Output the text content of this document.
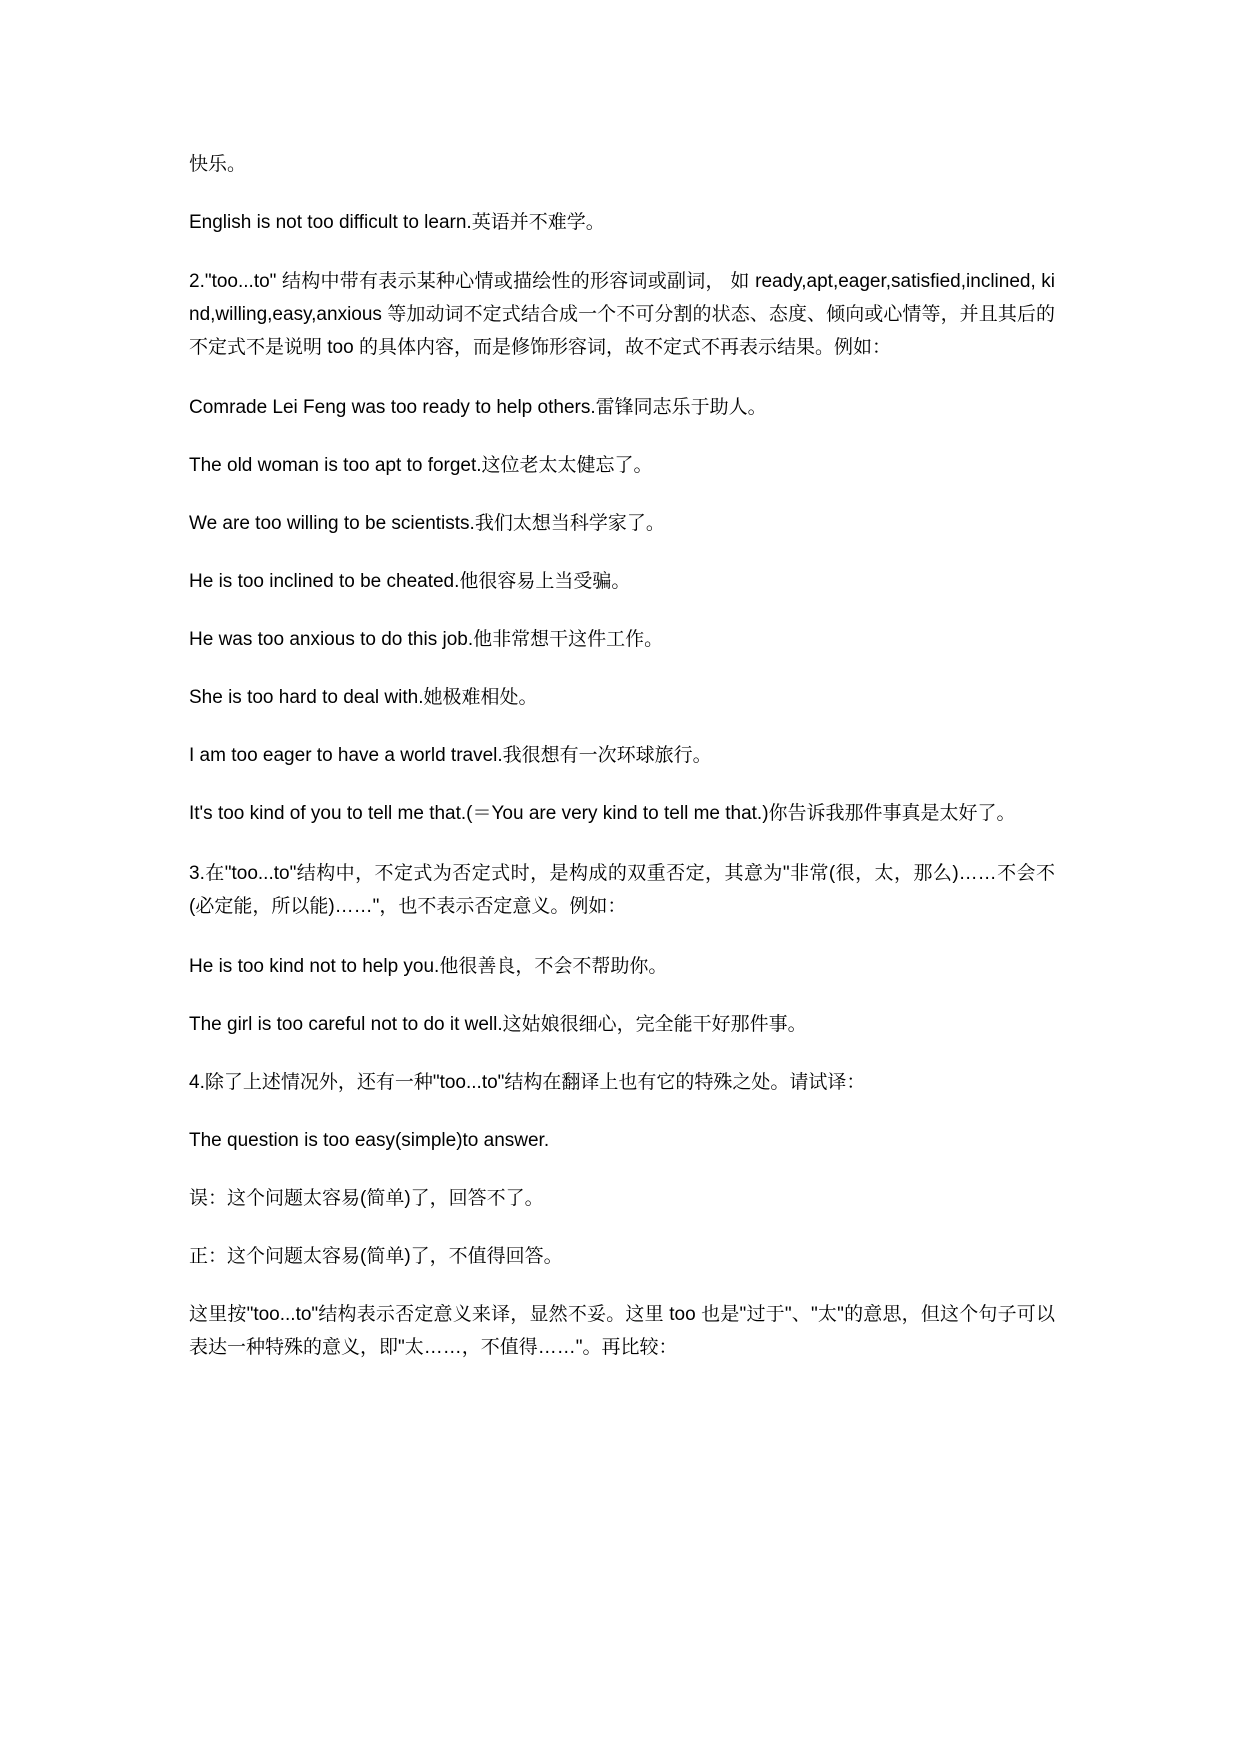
快乐。

English is not too difficult to learn.英语并不难学。

2."too...to" 结构中带有表示某种心情或描绘性的形容词或副词， 如 ready,apt,eager,satisfied,inclined, kind,willing,easy,anxious 等加动词不定式结合成一个不可分割的状态、态度、倾向或心情等，并且其后的不定式不是说明 too 的具体内容，而是修饰形容词，故不定式不再表示结果。例如：

Comrade Lei Feng was too ready to help others.雷锋同志乐于助人。

The old woman is too apt to forget.这位老太太健忘了。

We are too willing to be scientists.我们太想当科学家了。

He is too inclined to be cheated.他很容易上当受骗。

He was too anxious to do this job.他非常想干这件工作。

She is too hard to deal with.她极难相处。

I am too eager to have a world travel.我很想有一次环球旅行。

It's too kind of you to tell me that.(＝You are very kind to tell me that.)你告诉我那件事真是太好了。

3.在"too...to"结构中，不定式为否定式时，是构成的双重否定，其意为"非常(很，太，那么)……不会不(必定能，所以能)……"，也不表示否定意义。例如：

He is too kind not to help you.他很善良，不会不帮助你。

The girl is too careful not to do it well.这姑娘很细心，完全能干好那件事。

4.除了上述情况外，还有一种"too...to"结构在翻译上也有它的特殊之处。请试译：

The question is too easy(simple)to answer.

误：这个问题太容易(简单)了，回答不了。

正：这个问题太容易(简单)了，不值得回答。

这里按"too...to"结构表示否定意义来译，显然不妥。这里 too 也是"过于"、"太"的意思，但这个句子可以表达一种特殊的意义，即"太……，不值得……"。再比较：
